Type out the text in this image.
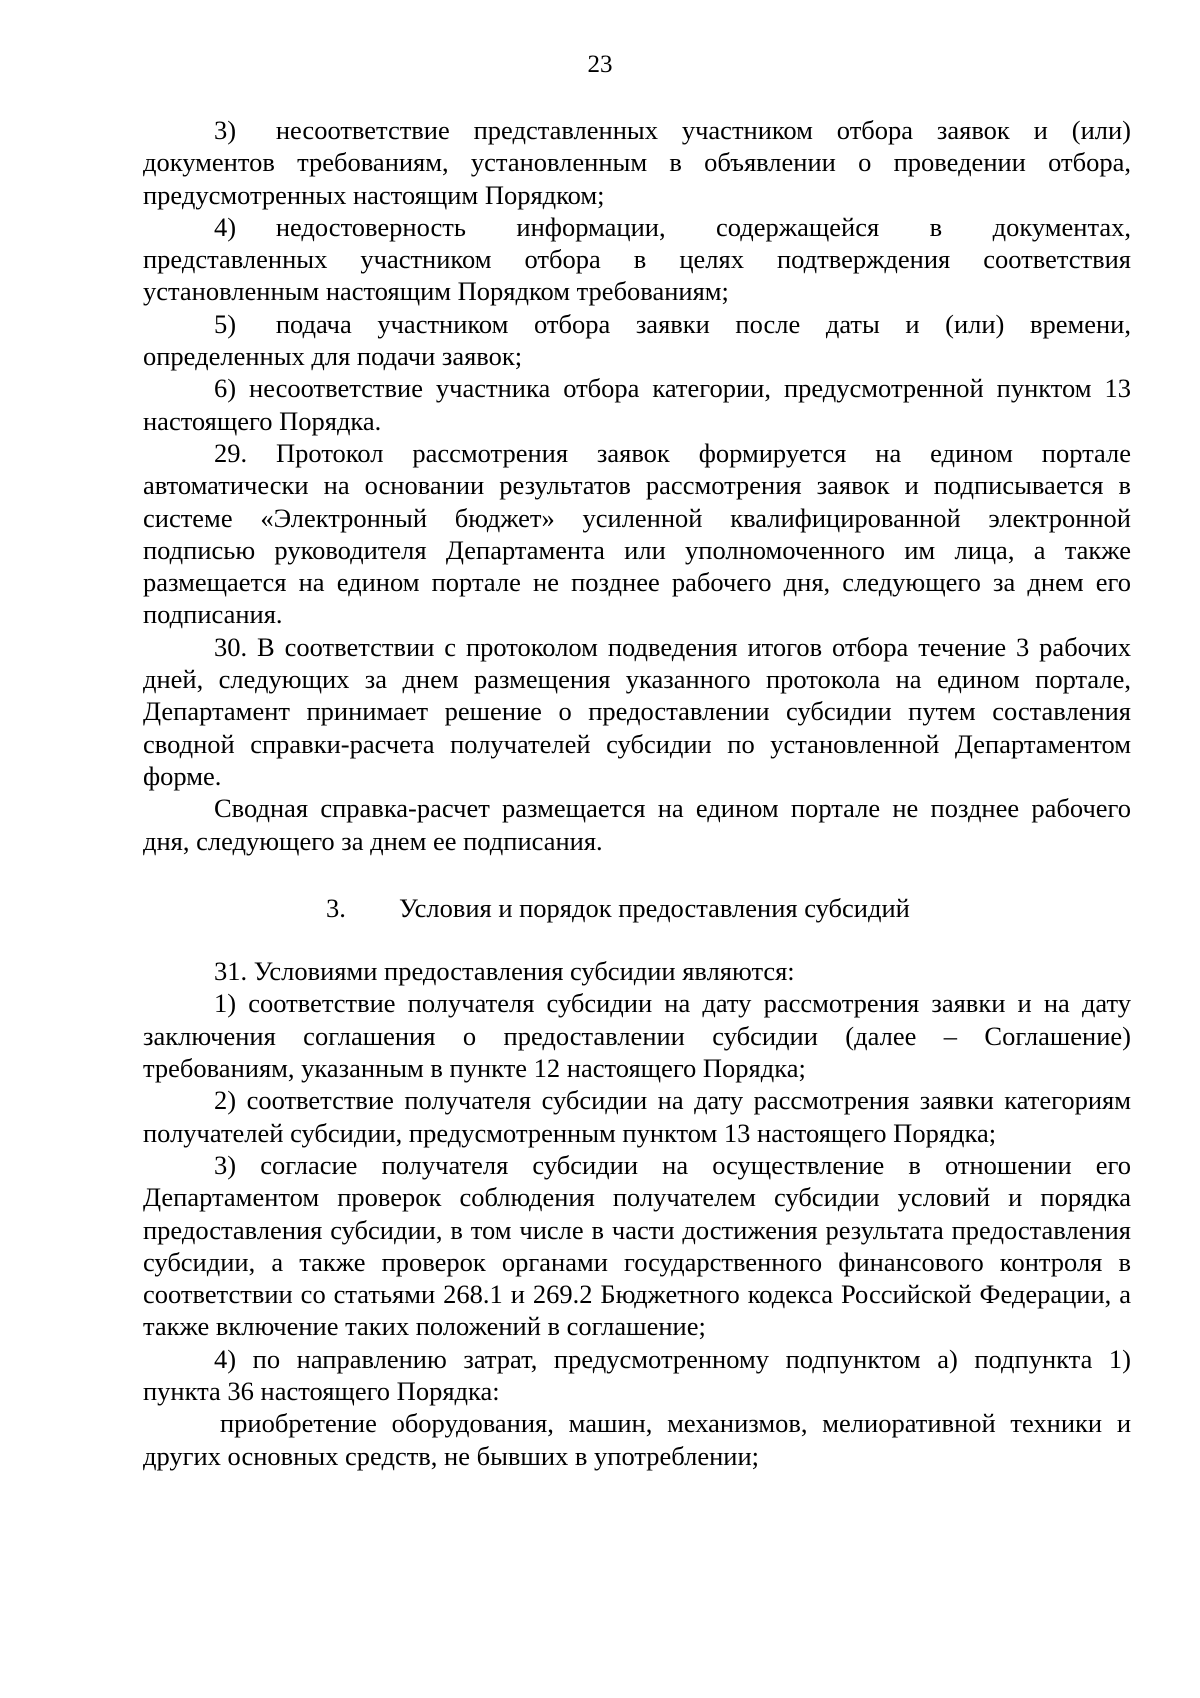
23

3)  несоответствие представленных участником отбора заявок и (или) документов требованиям, установленным в объявлении о проведении отбора, предусмотренных настоящим Порядком;

4)  недостоверность информации, содержащейся в документах, представленных участником отбора в целях подтверждения соответствия установленным настоящим Порядком требованиям;

5)  подача участником отбора заявки после даты и (или) времени, определенных для подачи заявок;

6) несоответствие участника отбора категории, предусмотренной пунктом 13 настоящего Порядка.

29. Протокол рассмотрения заявок формируется на едином портале автоматически на основании результатов рассмотрения заявок и подписывается в системе «Электронный бюджет» усиленной квалифицированной электронной подписью руководителя Департамента или уполномоченного им лица, а также размещается на едином портале не позднее рабочего дня, следующего за днем его подписания.

30. В соответствии с протоколом подведения итогов отбора течение 3 рабочих дней, следующих за днем размещения указанного протокола на едином портале, Департамент принимает решение о предоставлении субсидии путем составления сводной справки-расчета получателей субсидии по установленной Департаментом форме.

Сводная справка-расчет размещается на едином портале не позднее рабочего дня, следующего за днем ее подписания.

3. Условия и порядок предоставления субсидий

31. Условиями предоставления субсидии являются:

1) соответствие получателя субсидии на дату рассмотрения заявки и на дату заключения соглашения о предоставлении субсидии (далее – Соглашение) требованиям, указанным в пункте 12 настоящего Порядка;

2) соответствие получателя субсидии на дату рассмотрения заявки категориям получателей субсидии, предусмотренным пунктом 13 настоящего Порядка;

3) согласие получателя субсидии на осуществление в отношении его Департаментом проверок соблюдения получателем субсидии условий и порядка предоставления субсидии, в том числе в части достижения результата предоставления субсидии, а также проверок органами государственного финансового контроля в соответствии со статьями 268.1 и 269.2 Бюджетного кодекса Российской Федерации, а также включение таких положений в соглашение;

4) по направлению затрат, предусмотренному подпунктом а) подпункта 1) пункта 36 настоящего Порядка:

приобретение оборудования, машин, механизмов, мелиоративной техники и других основных средств, не бывших в употреблении;
